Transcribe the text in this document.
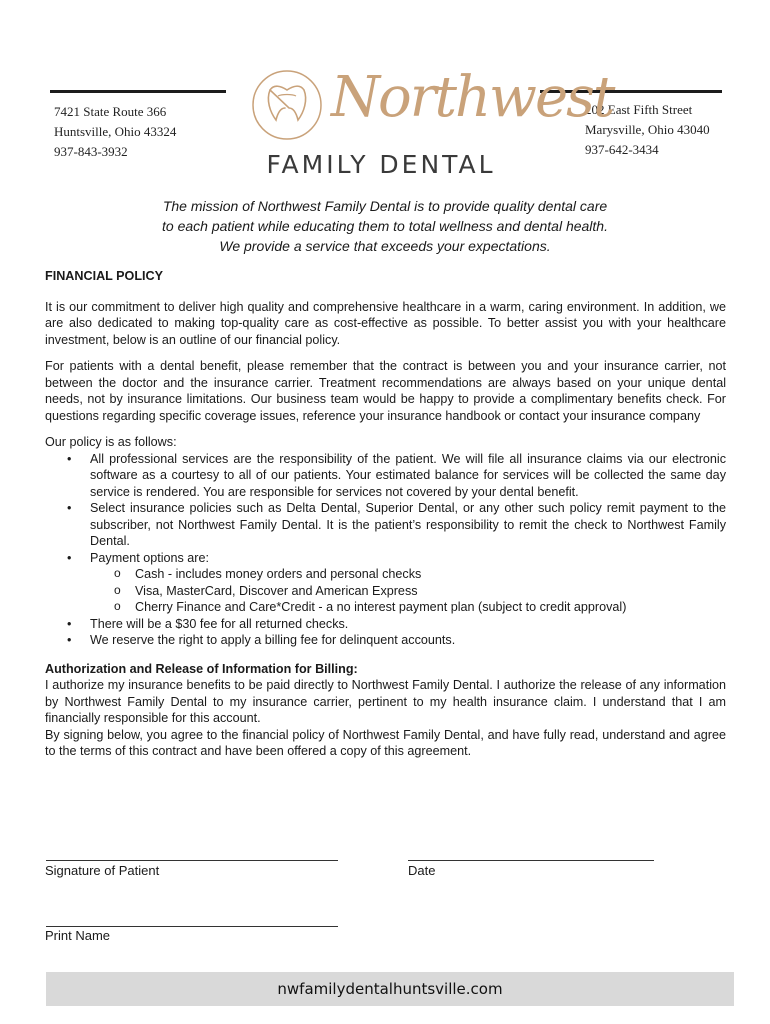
7421 State Route 366
Huntsville, Ohio 43324
937-843-3932
202 East Fifth Street
Marysville, Ohio 43040
937-642-3434
Northwest
FAMILY DENTAL
The mission of Northwest Family Dental is to provide quality dental care
to each patient while educating them to total wellness and dental health.
We provide a service that exceeds your expectations.
FINANCIAL POLICY

It is our commitment to deliver high quality and comprehensive healthcare in a warm, caring environment. In addition, we are also dedicated to making top-quality care as cost-effective as possible. To better assist you with your healthcare investment, below is an outline of our financial policy.

For patients with a dental benefit, please remember that the contract is between you and your insurance carrier, not between the doctor and the insurance carrier. Treatment recommendations are always based on your unique dental needs, not by insurance limitations. Our business team would be happy to provide a complimentary benefits check. For questions regarding specific coverage issues, reference your insurance handbook or contact your insurance company

Our policy is as follows:

• All professional services are the responsibility of the patient. We will file all insurance claims via our electronic software as a courtesy to all of our patients. Your estimated balance for services will be collected the same day service is rendered. You are responsible for services not covered by your dental benefit.
• Select insurance policies such as Delta Dental, Superior Dental, or any other such policy remit payment to the subscriber, not Northwest Family Dental. It is the patient’s responsibility to remit the check to Northwest Family Dental.
• Payment options are:
o Cash - includes money orders and personal checks
o Visa, MasterCard, Discover and American Express
o Cherry Finance and Care*Credit - a no interest payment plan (subject to credit approval)
• There will be a $30 fee for all returned checks.
• We reserve the right to apply a billing fee for delinquent accounts.
Authorization and Release of Information for Billing:

I authorize my insurance benefits to be paid directly to Northwest Family Dental. I authorize the release of any information by Northwest Family Dental to my insurance carrier, pertinent to my health insurance claim. I understand that I am financially responsible for this account.

By signing below, you agree to the financial policy of Northwest Family Dental, and have fully read, understand and agree to the terms of this contract and have been offered a copy of this agreement.

Signature of Patient	Date
Print Name
nwfamilydentalhuntsville.com
